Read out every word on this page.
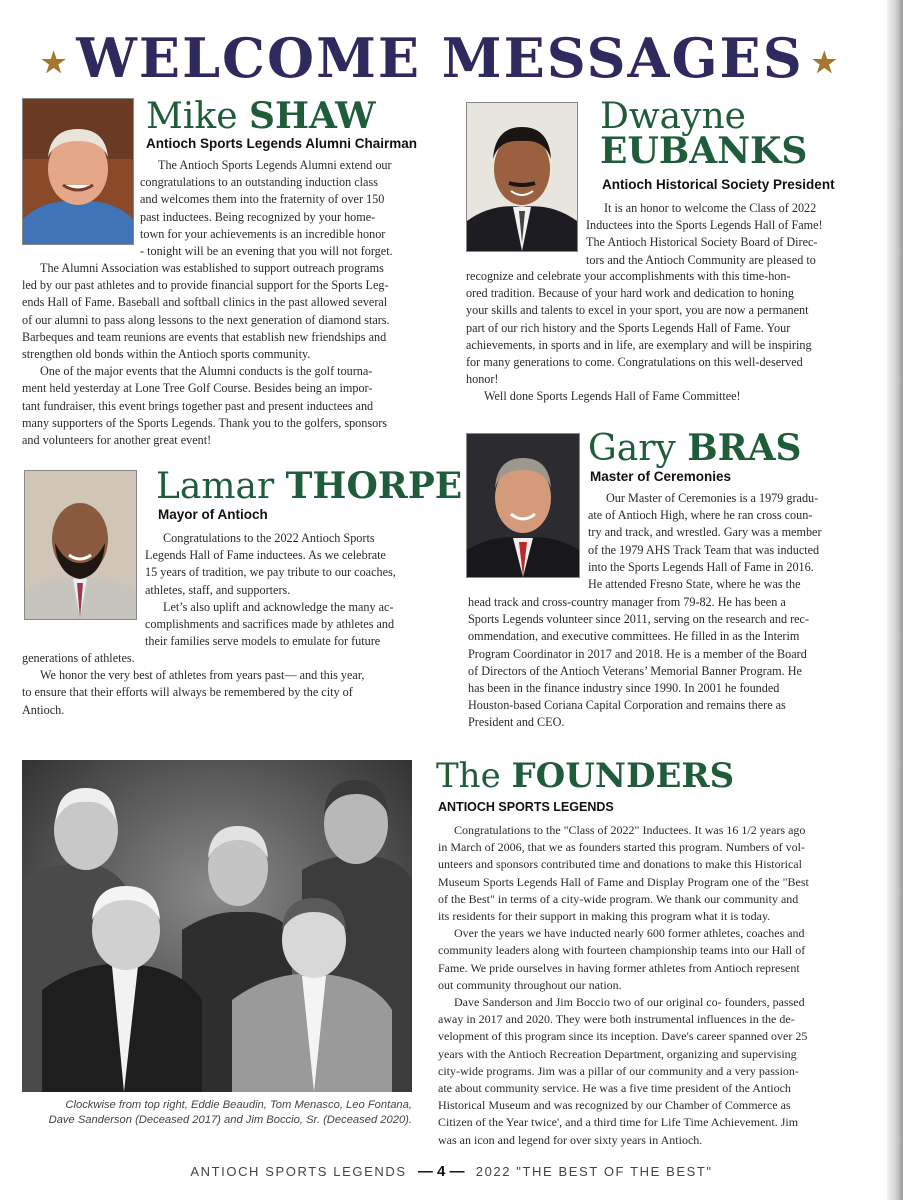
★ WELCOME MESSAGES ★
Mike SHAW
Antioch Sports Legends Alumni Chairman
The Antioch Sports Legends Alumni extend our
congratulations to an outstanding induction class
and welcomes them into the fraternity of over 150
past inductees. Being recognized by your home-
town for your achievements is an incredible honor
- tonight will be an evening that you will not forget.
The Alumni Association was established to support outreach programs
led by our past athletes and to provide financial support for the Sports Leg-
ends Hall of Fame. Baseball and softball clinics in the past allowed several
of our alumni to pass along lessons to the next generation of diamond stars.
Barbeques and team reunions are events that establish new friendships and
strengthen old bonds within the Antioch sports community.
One of the major events that the Alumni conducts is the golf tourna-
ment held yesterday at Lone Tree Golf Course. Besides being an impor-
tant fundraiser, this event brings together past and present inductees and
many supporters of the Sports Legends. Thank you to the golfers, sponsors
and volunteers for another great event!
Dwayne
EUBANKS
Antioch Historical Society President
It is an honor to welcome the Class of 2022
Inductees into the Sports Legends Hall of Fame!
The Antioch Historical Society Board of Direc-
tors and the Antioch Community are pleased to
recognize and celebrate your accomplishments with this time-hon-
ored tradition. Because of your hard work and dedication to honing
your skills and talents to excel in your sport, you are now a permanent
part of our rich history and the Sports Legends Hall of Fame. Your
achievements, in sports and in life, are exemplary and will be inspiring
for many generations to come. Congratulations on this well-deserved
honor!
Well done Sports Legends Hall of Fame Committee!
Lamar THORPE
Mayor of Antioch
Congratulations to the 2022 Antioch Sports
Legends Hall of Fame inductees. As we celebrate
15 years of tradition, we pay tribute to our coaches,
athletes, staff, and supporters.
Let’s also uplift and acknowledge the many ac-
complishments and sacrifices made by athletes and
their families serve models to emulate for future
generations of athletes.
We honor the very best of athletes from years past— and this year,
to ensure that their efforts will always be remembered by the city of
Antioch.
Gary BRAS
Master of Ceremonies
Our Master of Ceremonies is a 1979 gradu-
ate of Antioch High, where he ran cross coun-
try and track, and wrestled. Gary was a member
of the 1979 AHS Track Team that was inducted
into the Sports Legends Hall of Fame in 2016.
He attended Fresno State, where he was the
head track and cross-country manager from 79-82. He has been a
Sports Legends volunteer since 2011, serving on the research and rec-
ommendation, and executive committees. He filled in as the Interim
Program Coordinator in 2017 and 2018. He is a member of the Board
of Directors of the Antioch Veterans’ Memorial Banner Program. He
has been in the finance industry since 1990. In 2001 he founded
Houston-based Coriana Capital Corporation and remains there as
President and CEO.
Clockwise from top right, Eddie Beaudin, Tom Menasco, Leo Fontana,
Dave Sanderson (Deceased 2017) and Jim Boccio, Sr. (Deceased 2020).
The FOUNDERS
ANTIOCH SPORTS LEGENDS
Congratulations to the "Class of 2022" Inductees. It was 16 1/2 years ago
in March of 2006, that we as founders started this program. Numbers of vol-
unteers and sponsors contributed time and donations to make this Historical
Museum Sports Legends Hall of Fame and Display Program one of the "Best
of the Best" in terms of a city-wide program. We thank our community and
its residents for their support in making this program what it is today.
Over the years we have inducted nearly 600 former athletes, coaches and
community leaders along with fourteen championship teams into our Hall of
Fame. We pride ourselves in having former athletes from Antioch represent
out community throughout our nation.
Dave Sanderson and Jim Boccio two of our original co- founders, passed
away in 2017 and 2020. They were both instrumental influences in the de-
velopment of this program since its inception. Dave's career spanned over 25
years with the Antioch Recreation Department, organizing and supervising
city-wide programs. Jim was a pillar of our community and a very passion-
ate about community service. He was a five time president of the Antioch
Historical Museum and was recognized by our Chamber of Commerce as
Citizen of the Year twice', and a third time for Life Time Achievement. Jim
was an icon and legend for over sixty years in Antioch.
ANTIOCH SPORTS LEGENDS — 4 — 2022 "THE BEST OF THE BEST"
